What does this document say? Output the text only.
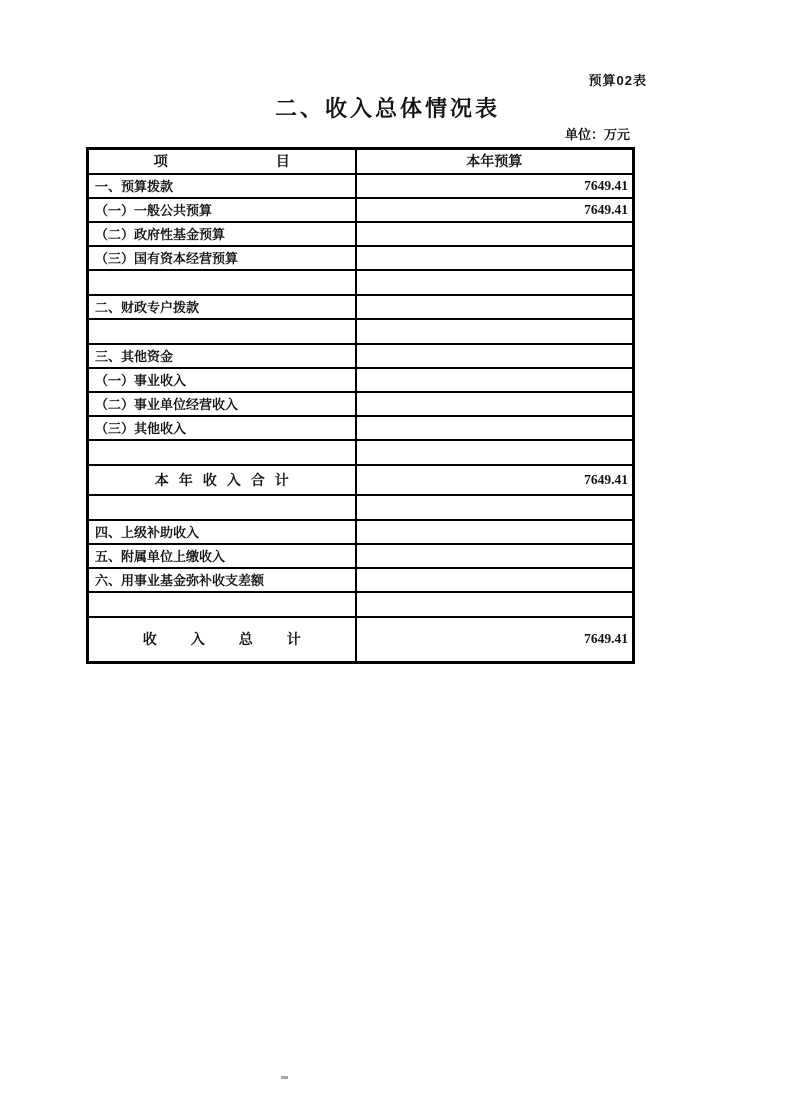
预算02表
二、收入总体情况表
单位：万元
项 目	本年预算
一、预算拨款	7649.41
（一）一般公共预算	7649.41
（二）政府性基金预算	
（三）国有资本经营预算	

二、财政专户拨款	

三、其他资金	
（一）事业收入	
（二）事业单位经营收入	
（三）其他收入	

本年收入合计	7649.41

四、上级补助收入	
五、附属单位上缴收入	
六、用事业基金弥补收支差额	

收入总计	7649.41
